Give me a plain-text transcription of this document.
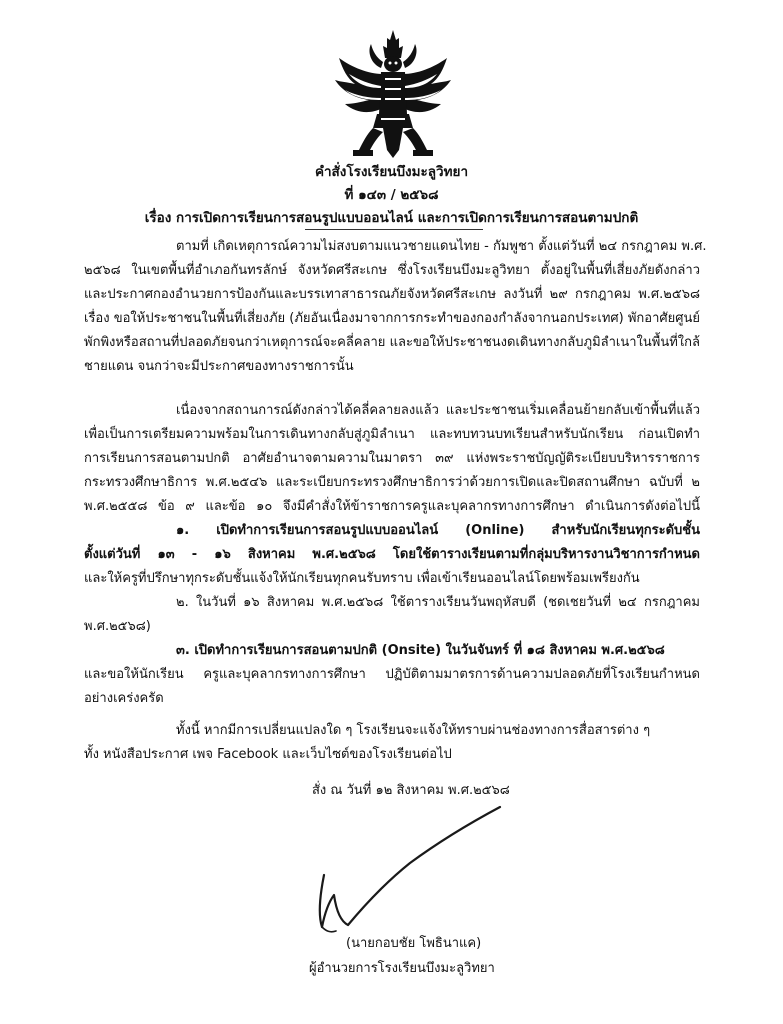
คำสั่งโรงเรียนบึงมะลูวิทยา
ที่ ๑๔๓ / ๒๕๖๘
เรื่อง การเปิดการเรียนการสอนรูปแบบออนไลน์ และการเปิดการเรียนการสอนตามปกติ
ตามที่ เกิดเหตุการณ์ความไม่สงบตามแนวชายแดนไทย - กัมพูชา ตั้งแต่วันที่ ๒๔ กรกฎาคม พ.ศ.
๒๕๖๘ ในเขตพื้นที่อำเภอกันทรลักษ์ จังหวัดศรีสะเกษ ซึ่งโรงเรียนบึงมะลูวิทยา ตั้งอยู่ในพื้นที่เสี่ยงภัยดังกล่าว
และประกาศกองอำนวยการป้องกันและบรรเทาสาธารณภัยจังหวัดศรีสะเกษ ลงวันที่ ๒๙ กรกฎาคม พ.ศ.๒๕๖๘
เรื่อง ขอให้ประชาชนในพื้นที่เสี่ยงภัย (ภัยอันเนื่องมาจากการกระทำของกองกำลังจากนอกประเทศ) พักอาศัยศูนย์
พักพิงหรือสถานที่ปลอดภัยจนกว่าเหตุการณ์จะคลี่คลาย และขอให้ประชาชนงดเดินทางกลับภูมิลำเนาในพื้นที่ใกล้
ชายแดน จนกว่าจะมีประกาศของทางราชการนั้น
เนื่องจากสถานการณ์ดังกล่าวได้คลี่คลายลงแล้ว และประชาชนเริ่มเคลื่อนย้ายกลับเข้าพื้นที่แล้ว
เพื่อเป็นการเตรียมความพร้อมในการเดินทางกลับสู่ภูมิลำเนา และทบทวนบทเรียนสำหรับนักเรียน ก่อนเปิดทำ
การเรียนการสอนตามปกติ อาศัยอำนาจตามความในมาตรา ๓๙ แห่งพระราชบัญญัติระเบียบบริหารราชการ
กระทรวงศึกษาธิการ พ.ศ.๒๕๔๖ และระเบียบกระทรวงศึกษาธิการว่าด้วยการเปิดและปิดสถานศึกษา ฉบับที่ ๒
พ.ศ.๒๕๕๘ ข้อ ๙ และข้อ ๑๐ จึงมีคำสั่งให้ข้าราชการครูและบุคลากรทางการศึกษา ดำเนินการดังต่อไปนี้
๑. เปิดทำการเรียนการสอนรูปแบบออนไลน์ (Online) สำหรับนักเรียนทุกระดับชั้น
ตั้งแต่วันที่ ๑๓ - ๑๖ สิงหาคม พ.ศ.๒๕๖๘ โดยใช้ตารางเรียนตามที่กลุ่มบริหารงานวิชาการกำหนด
และให้ครูที่ปรึกษาทุกระดับชั้นแจ้งให้นักเรียนทุกคนรับทราบ เพื่อเข้าเรียนออนไลน์โดยพร้อมเพรียงกัน
๒. ในวันที่ ๑๖ สิงหาคม พ.ศ.๒๕๖๘ ใช้ตารางเรียนวันพฤหัสบดี (ชดเชยวันที่ ๒๔ กรกฎาคม
พ.ศ.๒๕๖๘)
๓. เปิดทำการเรียนการสอนตามปกติ (Onsite) ในวันจันทร์ ที่ ๑๘ สิงหาคม พ.ศ.๒๕๖๘
และขอให้นักเรียน ครูและบุคลากรทางการศึกษา ปฏิบัติตามมาตรการด้านความปลอดภัยที่โรงเรียนกำหนด
อย่างเคร่งครัด
ทั้งนี้ หากมีการเปลี่ยนแปลงใด ๆ โรงเรียนจะแจ้งให้ทราบผ่านช่องทางการสื่อสารต่าง ๆ
ทั้ง หนังสือประกาศ เพจ Facebook และเว็บไซต์ของโรงเรียนต่อไป
สั่ง ณ วันที่ ๑๒ สิงหาคม พ.ศ.๒๕๖๘
(นายกอบชัย โพธินาแค)
ผู้อำนวยการโรงเรียนบึงมะลูวิทยา
